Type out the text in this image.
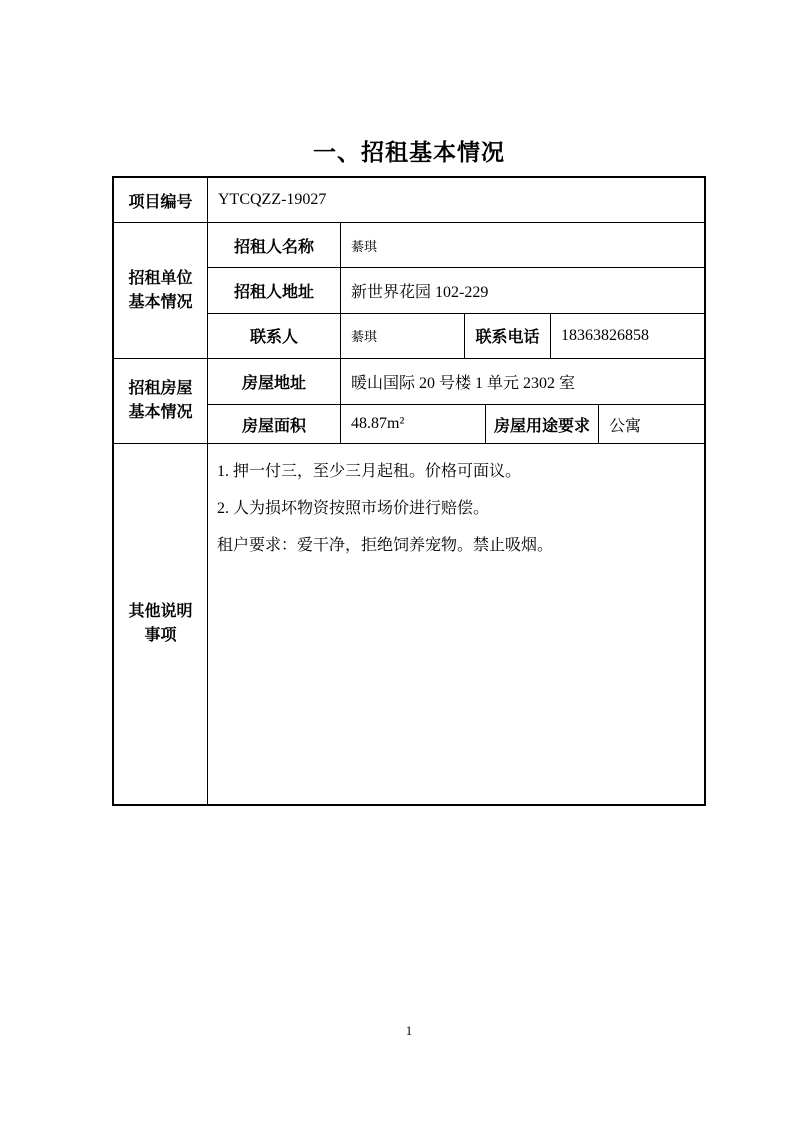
一、招租基本情况
项目编号	YTCQZZ-19027
招租单位基本情况
招租人名称	綦琪
招租人地址	新世界花园 102-229
联系人	綦琪	联系电话	18363826858
招租房屋基本情况
房屋地址	暖山国际 20 号楼 1 单元 2302 室
房屋面积	48.87m²	房屋用途要求	公寓
其他说明事项

1. 押一付三，至少三月起租。价格可面议。

2. 人为损坏物资按照市场价进行赔偿。

租户要求：爱干净，拒绝饲养宠物。禁止吸烟。

1
